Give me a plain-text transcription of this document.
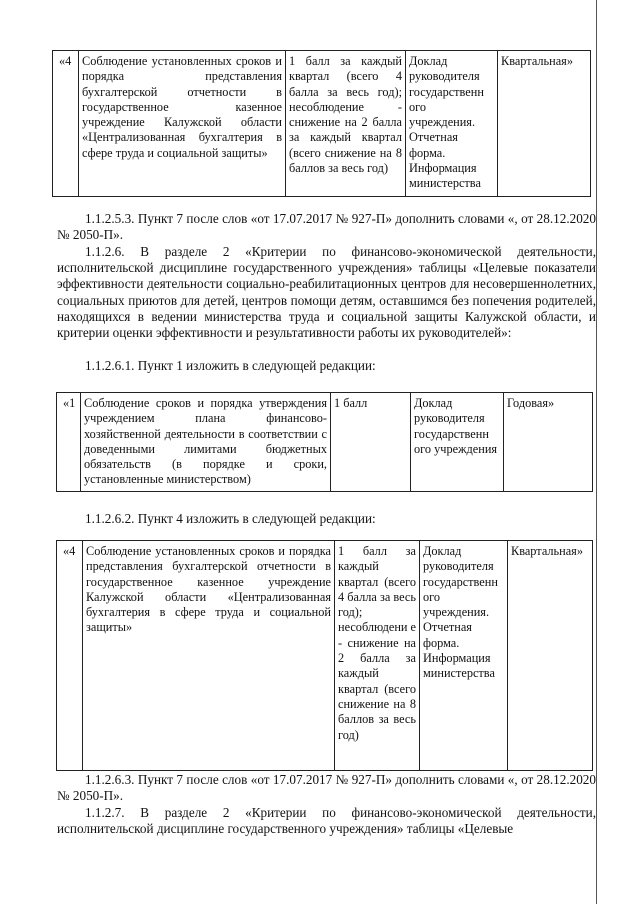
«4	Соблюдение установленных сроков и порядка представления бухгалтерской отчетности в государственное казенное учреждение Калужской области «Централизованная бухгалтерия в сфере труда и социальной защиты»	1 балл за каждый квартал (всего 4 балла за весь год); несоблюдение - снижение на 2 балла за каждый квартал (всего снижение на 8 баллов за весь год)	Доклад руководителя государственн ого учреждения. Отчетная форма. Информация министерства	Квартальная»

1.1.2.5.3. Пункт 7 после слов «от 17.07.2017 № 927-П» дополнить словами «, от 28.12.2020 № 2050-П».

1.1.2.6. В разделе 2 «Критерии по финансово-экономической деятельности, исполнительской дисциплине государственного учреждения» таблицы «Целевые показатели эффективности деятельности социально-реабилитационных центров для несовершеннолетних, социальных приютов для детей, центров помощи детям, оставшимся без попечения родителей, находящихся в ведении министерства труда и социальной защиты Калужской области, и критерии оценки эффективности и результативности работы их руководителей»:

1.1.2.6.1. Пункт 1 изложить в следующей редакции:

«1	Соблюдение сроков и порядка утверждения учреждением плана финансово-хозяйственной деятельности в соответствии с доведенными лимитами бюджетных обязательств (в порядке и сроки, установленные министерством)	1 балл	Доклад руководителя государственн ого учреждения	Годовая»

1.1.2.6.2. Пункт 4 изложить в следующей редакции:

«4	Соблюдение установленных сроков и порядка представления бухгалтерской отчетности в государственное казенное учреждение Калужской области «Централизованная бухгалтерия в сфере труда и социальной защиты»	1 балл за каждый квартал (всего 4 балла за весь год); несоблюдени е - снижение на 2 балла за каждый квартал (всего снижение на 8 баллов за весь год)	Доклад руководителя государственн ого учреждения. Отчетная форма. Информация министерства	Квартальная»

1.1.2.6.3. Пункт 7 после слов «от 17.07.2017 № 927-П» дополнить словами «, от 28.12.2020 № 2050-П».

1.1.2.7. В разделе 2 «Критерии по финансово-экономической деятельности, исполнительской дисциплине государственного учреждения» таблицы «Целевые
